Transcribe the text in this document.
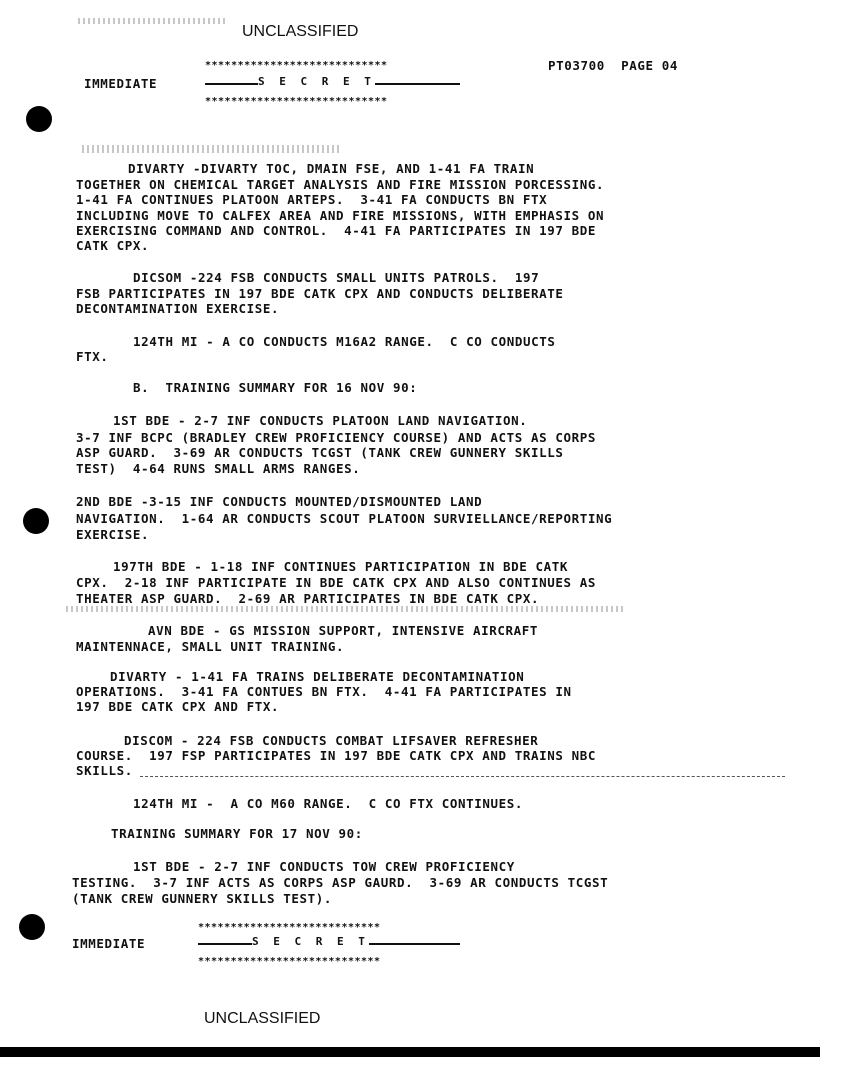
UNCLASSIFIED
****************************
IMMEDIATE	S E C R E T
****************************
PT03700  PAGE 04
DIVARTY -DIVARTY TOC, DMAIN FSE, AND 1-41 FA TRAIN
TOGETHER ON CHEMICAL TARGET ANALYSIS AND FIRE MISSION PORCESSING.
1-41 FA CONTINUES PLATOON ARTEPS.  3-41 FA CONDUCTS BN FTX
INCLUDING MOVE TO CALFEX AREA AND FIRE MISSIONS, WITH EMPHASIS ON
EXERCISING COMMAND AND CONTROL.  4-41 FA PARTICIPATES IN 197 BDE
CATK CPX.
DICSOM -224 FSB CONDUCTS SMALL UNITS PATROLS.  197
FSB PARTICIPATES IN 197 BDE CATK CPX AND CONDUCTS DELIBERATE
DECONTAMINATION EXERCISE.
124TH MI - A CO CONDUCTS M16A2 RANGE.  C CO CONDUCTS
FTX.
B.  TRAINING SUMMARY FOR 16 NOV 90:
1ST BDE - 2-7 INF CONDUCTS PLATOON LAND NAVIGATION.
3-7 INF BCPC (BRADLEY CREW PROFICIENCY COURSE) AND ACTS AS CORPS
ASP GUARD.  3-69 AR CONDUCTS TCGST (TANK CREW GUNNERY SKILLS
TEST)  4-64 RUNS SMALL ARMS RANGES.
2ND BDE -3-15 INF CONDUCTS MOUNTED/DISMOUNTED LAND
NAVIGATION.  1-64 AR CONDUCTS SCOUT PLATOON SURVIELLANCE/REPORTING
EXERCISE.
197TH BDE - 1-18 INF CONTINUES PARTICIPATION IN BDE CATK
CPX.  2-18 INF PARTICIPATE IN BDE CATK CPX AND ALSO CONTINUES AS
THEATER ASP GUARD.  2-69 AR PARTICIPATES IN BDE CATK CPX.
AVN BDE - GS MISSION SUPPORT, INTENSIVE AIRCRAFT
MAINTENNACE, SMALL UNIT TRAINING.
DIVARTY - 1-41 FA TRAINS DELIBERATE DECONTAMINATION
OPERATIONS.  3-41 FA CONTUES BN FTX.  4-41 FA PARTICIPATES IN
197 BDE CATK CPX AND FTX.
DISCOM - 224 FSB CONDUCTS COMBAT LIFSAVER REFRESHER
COURSE.  197 FSP PARTICIPATES IN 197 BDE CATK CPX AND TRAINS NBC
SKILLS.
124TH MI -  A CO M60 RANGE.  C CO FTX CONTINUES.
TRAINING SUMMARY FOR 17 NOV 90:
1ST BDE - 2-7 INF CONDUCTS TOW CREW PROFICIENCY
TESTING.  3-7 INF ACTS AS CORPS ASP GAURD.  3-69 AR CONDUCTS TCGST
(TANK CREW GUNNERY SKILLS TEST).
****************************
IMMEDIATE	S E C R E T
****************************
UNCLASSIFIED
